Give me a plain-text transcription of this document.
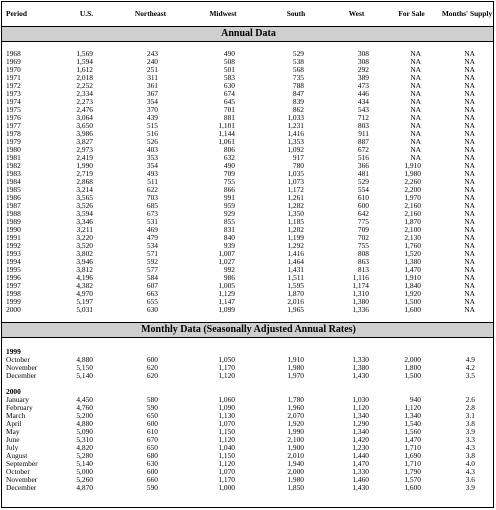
Period	U.S.	Northeast	Midwest	South	West	For Sale	Months' Supply
Annual Data							

1968	1,569	243	490	529	308	NA	NA
1969	1,594	240	508	538	308	NA	NA
1970	1,612	251	501	568	292	NA	NA
1971	2,018	311	583	735	389	NA	NA
1972	2,252	361	630	788	473	NA	NA
1973	2,334	367	674	847	446	NA	NA
1974	2,273	354	645	839	434	NA	NA
1975	2,476	370	701	862	543	NA	NA
1976	3,064	439	881	1,033	712	NA	NA
1977	3,650	515	1,101	1,231	803	NA	NA
1978	3,986	516	1,144	1,416	911	NA	NA
1979	3,827	526	1,061	1,353	887	NA	NA
1980	2,973	403	806	1,092	672	NA	NA
1981	2,419	353	632	917	516	NA	NA
1982	1,990	354	490	780	366	1,910	NA
1983	2,719	493	709	1,035	481	1,980	NA
1984	2,868	511	755	1,073	529	2,260	NA
1985	3,214	622	866	1,172	554	2,200	NA
1986	3,565	703	991	1,261	610	1,970	NA
1987	3,526	685	959	1,282	600	2,160	NA
1988	3,594	673	929	1,350	642	2,160	NA
1989	3,346	531	855	1,185	775	1,870	NA
1990	3,211	469	831	1,202	709	2,100	NA
1991	3,220	479	840	1,199	702	2,130	NA
1992	3,520	534	939	1,292	755	1,760	NA
1993	3,802	571	1,007	1,416	808	1,520	NA
1994	3,946	592	1,027	1,464	863	1,380	NA
1995	3,812	577	992	1,431	813	1,470	NA
1996	4,196	584	986	1,511	1,116	1,910	NA
1997	4,382	607	1,005	1,595	1,174	1,840	NA
1998	4,970	663	1,129	1,870	1,310	1,920	NA
1999	5,197	655	1,147	2,016	1,380	1,500	NA
2000	5,031	630	1,099	1,965	1,336	1,600	NA

Monthly Data (Seasonally Adjusted Annual Rates)							

1999							
October	4,880	600	1,050	1,910	1,330	2,000	4.9
November	5,150	620	1,170	1,980	1,380	1,800	4.2
December	5,140	620	1,120	1,970	1,430	1,500	3.5

2000							
January	4,450	580	1,060	1,780	1,030	940	2.6
February	4,760	590	1,090	1,960	1,120	1,120	2.8
March	5,200	650	1,130	2,070	1,340	1,340	3.1
April	4,880	600	1,070	1,920	1,290	1,540	3.8
May	5,090	610	1,150	1,990	1,340	1,560	3.9
June	5,310	670	1,120	2,100	1,420	1,470	3.3
July	4,820	650	1,040	1,900	1,230	1,710	4.3
August	5,280	680	1,150	2,010	1,440	1,690	3.8
September	5,140	630	1,120	1,940	1,470	1,710	4.0
October	5,000	600	1,070	2,000	1,330	1,790	4.3
November	5,260	660	1,170	1,980	1,460	1,570	3.6
December	4,870	590	1,000	1,850	1,430	1,600	3.9
